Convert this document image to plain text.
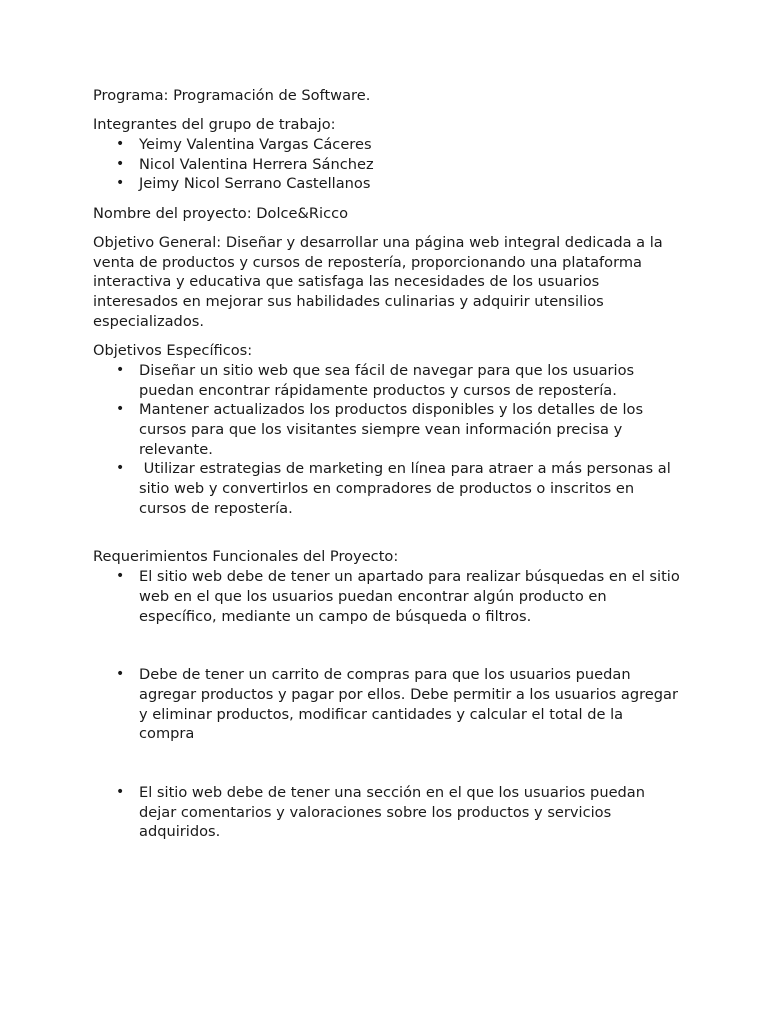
Programa: Programación de Software.

Integrantes del grupo de trabajo:

• Yeimy Valentina Vargas Cáceres
• Nicol Valentina Herrera Sánchez
• Jeimy Nicol Serrano Castellanos

Nombre del proyecto: Dolce&Ricco

Objetivo General: Diseñar y desarrollar una página web integral dedicada a la venta de productos y cursos de repostería, proporcionando una plataforma interactiva y educativa que satisfaga las necesidades de los usuarios interesados en mejorar sus habilidades culinarias y adquirir utensilios especializados.

Objetivos Específicos:

• Diseñar un sitio web que sea fácil de navegar para que los usuarios puedan encontrar rápidamente productos y cursos de repostería.
• Mantener actualizados los productos disponibles y los detalles de los cursos para que los visitantes siempre vean información precisa y relevante.
• Utilizar estrategias de marketing en línea para atraer a más personas al sitio web y convertirlos en compradores de productos o inscritos en cursos de repostería.

Requerimientos Funcionales del Proyecto:

• El sitio web debe de tener un apartado para realizar búsquedas en el sitio web en el que los usuarios puedan encontrar algún producto en específico, mediante un campo de búsqueda o filtros.
• Debe de tener un carrito de compras para que los usuarios puedan agregar productos y pagar por ellos. Debe permitir a los usuarios agregar y eliminar productos, modificar cantidades y calcular el total de la compra
• El sitio web debe de tener una sección en el que los usuarios puedan dejar comentarios y valoraciones sobre los productos y servicios adquiridos.
